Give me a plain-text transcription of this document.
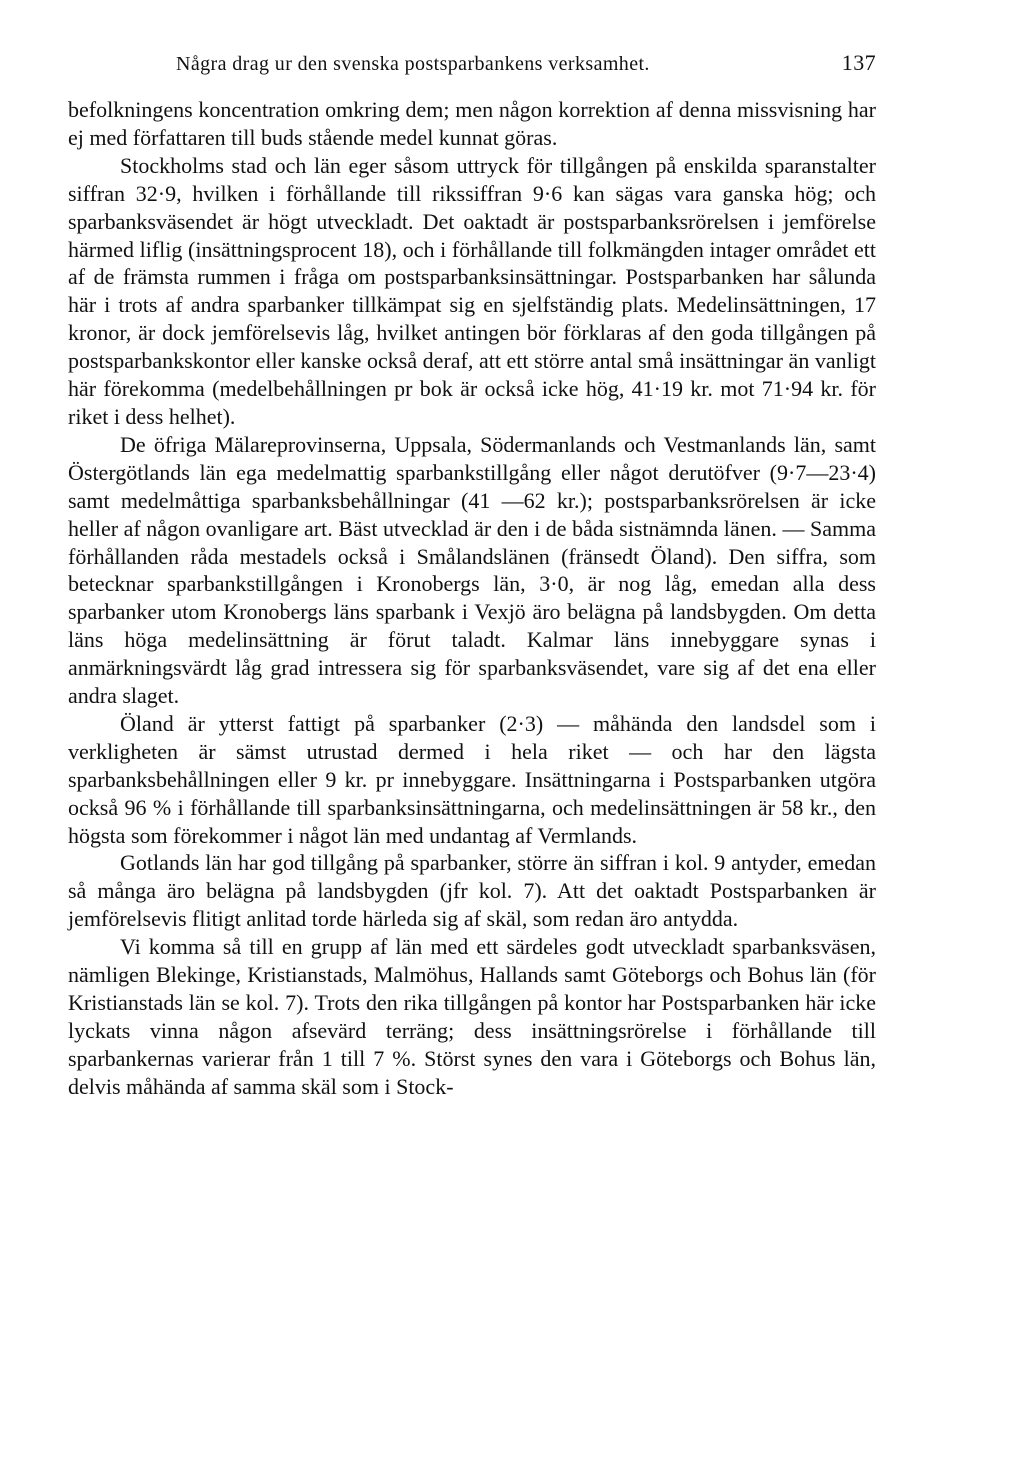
Några drag ur den svenska postsparbankens verksamhet.	137

befolkningens koncentration omkring dem; men någon korrektion af denna missvisning har ej med författaren till buds stående medel kunnat göras.

Stockholms stad och län eger såsom uttryck för tillgången på enskilda sparanstalter siffran 32·9, hvilken i förhållande till rikssiffran 9·6 kan sägas vara ganska hög; och sparbanksväsendet är högt utveckladt. Det oaktadt är postsparbanksrörelsen i jemförelse härmed liflig (insättningsprocent 18), och i förhållande till folkmängden intager området ett af de främsta rummen i fråga om postsparbanksinsättningar. Postsparbanken har sålunda här i trots af andra sparbanker tillkämpat sig en sjelfständig plats. Medelinsättningen, 17 kronor, är dock jemförelsevis låg, hvilket antingen bör förklaras af den goda tillgången på postsparbankskontor eller kanske också deraf, att ett större antal små insättningar än vanligt här förekomma (medelbehållningen pr bok är också icke hög, 41·19 kr. mot 71·94 kr. för riket i dess helhet).

De öfriga Mälareprovinserna, Uppsala, Södermanlands och Vestmanlands län, samt Östergötlands län ega medelmattig sparbankstillgång eller något derutöfver (9·7—23·4) samt medelmåttiga sparbanksbehållningar (41 —62 kr.); postsparbanksrörelsen är icke heller af någon ovanligare art. Bäst utvecklad är den i de båda sistnämnda länen. — Samma förhållanden råda mestadels också i Smålandslänen (fränsedt Öland). Den siffra, som betecknar sparbankstillgången i Kronobergs län, 3·0, är nog låg, emedan alla dess sparbanker utom Kronobergs läns sparbank i Vexjö äro belägna på landsbygden. Om detta läns höga medelinsättning är förut taladt. Kalmar läns innebyggare synas i anmärkningsvärdt låg grad intressera sig för sparbanksväsendet, vare sig af det ena eller andra slaget.

Öland är ytterst fattigt på sparbanker (2·3) — måhända den landsdel som i verkligheten är sämst utrustad dermed i hela riket — och har den lägsta sparbanksbehållningen eller 9 kr. pr innebyggare. Insättningarna i Postsparbanken utgöra också 96 % i förhållande till sparbanksinsättningarna, och medelinsättningen är 58 kr., den högsta som förekommer i något län med undantag af Vermlands.

Gotlands län har god tillgång på sparbanker, större än siffran i kol. 9 antyder, emedan så många äro belägna på landsbygden (jfr kol. 7). Att det oaktadt Postsparbanken är jemförelsevis flitigt anlitad torde härleda sig af skäl, som redan äro antydda.

Vi komma så till en grupp af län med ett särdeles godt utveckladt sparbanksväsen, nämligen Blekinge, Kristianstads, Malmöhus, Hallands samt Göteborgs och Bohus län (för Kristianstads län se kol. 7). Trots den rika tillgången på kontor har Postsparbanken här icke lyckats vinna någon afsevärd terräng; dess insättningsrörelse i förhållande till sparbankernas varierar från 1 till 7 %. Störst synes den vara i Göteborgs och Bohus län, delvis måhända af samma skäl som i Stock-
